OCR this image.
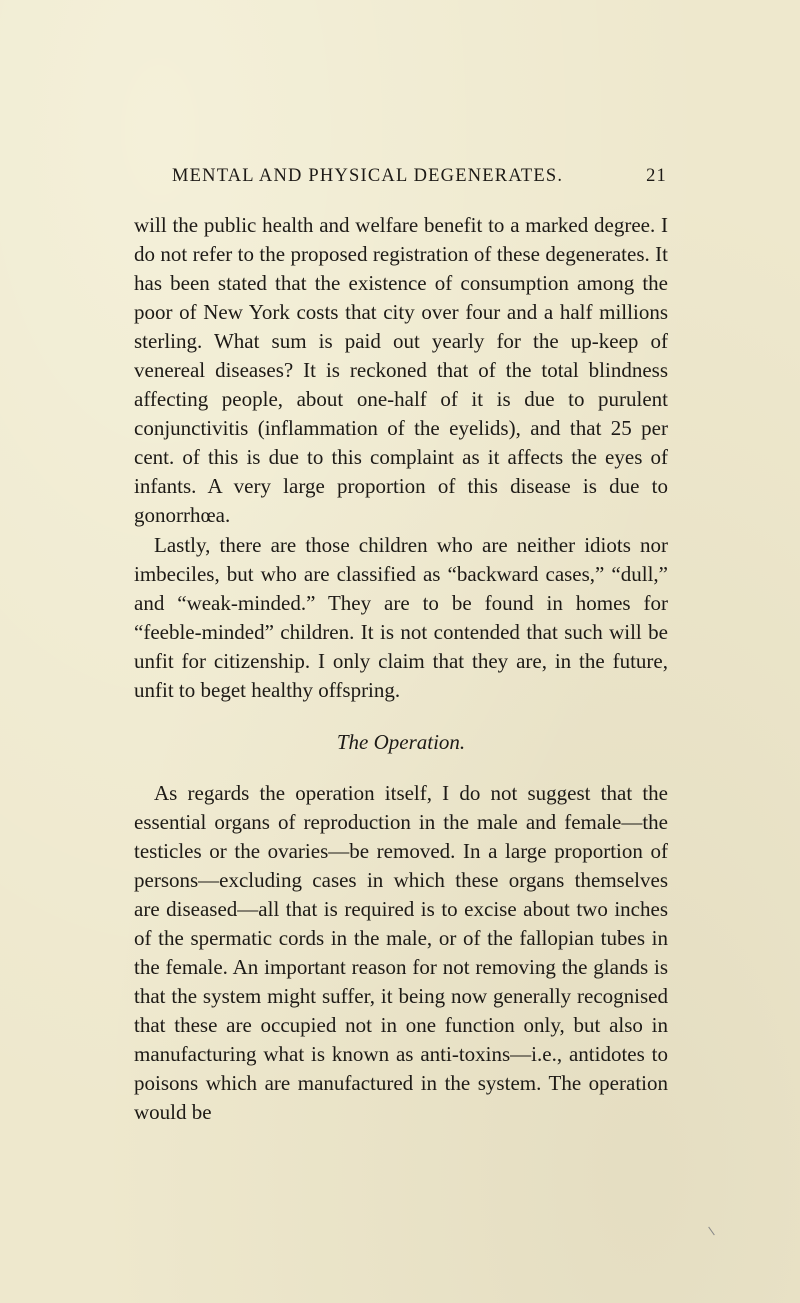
MENTAL AND PHYSICAL DEGENERATES.	21

will the public health and welfare benefit to a marked degree. I do not refer to the proposed registration of these degenerates. It has been stated that the existence of consumption among the poor of New York costs that city over four and a half millions sterling. What sum is paid out yearly for the up-keep of venereal diseases? It is reckoned that of the total blindness affecting people, about one-half of it is due to purulent conjunctivitis (inflammation of the eyelids), and that 25 per cent. of this is due to this complaint as it affects the eyes of infants. A very large proportion of this disease is due to gonorrhœa.

Lastly, there are those children who are neither idiots nor imbeciles, but who are classified as “backward cases,” “dull,” and “weak-minded.” They are to be found in homes for “feeble-minded” children. It is not contended that such will be unfit for citizenship. I only claim that they are, in the future, unfit to beget healthy offspring.

The Operation.

As regards the operation itself, I do not suggest that the essential organs of reproduction in the male and female—the testicles or the ovaries—be removed. In a large proportion of persons—excluding cases in which these organs themselves are diseased—all that is required is to excise about two inches of the spermatic cords in the male, or of the fallopian tubes in the female. An important reason for not removing the glands is that the system might suffer, it being now generally recognised that these are occupied not in one function only, but also in manufacturing what is known as anti-toxins—i.e., antidotes to poisons which are manufactured in the system. The operation would be
